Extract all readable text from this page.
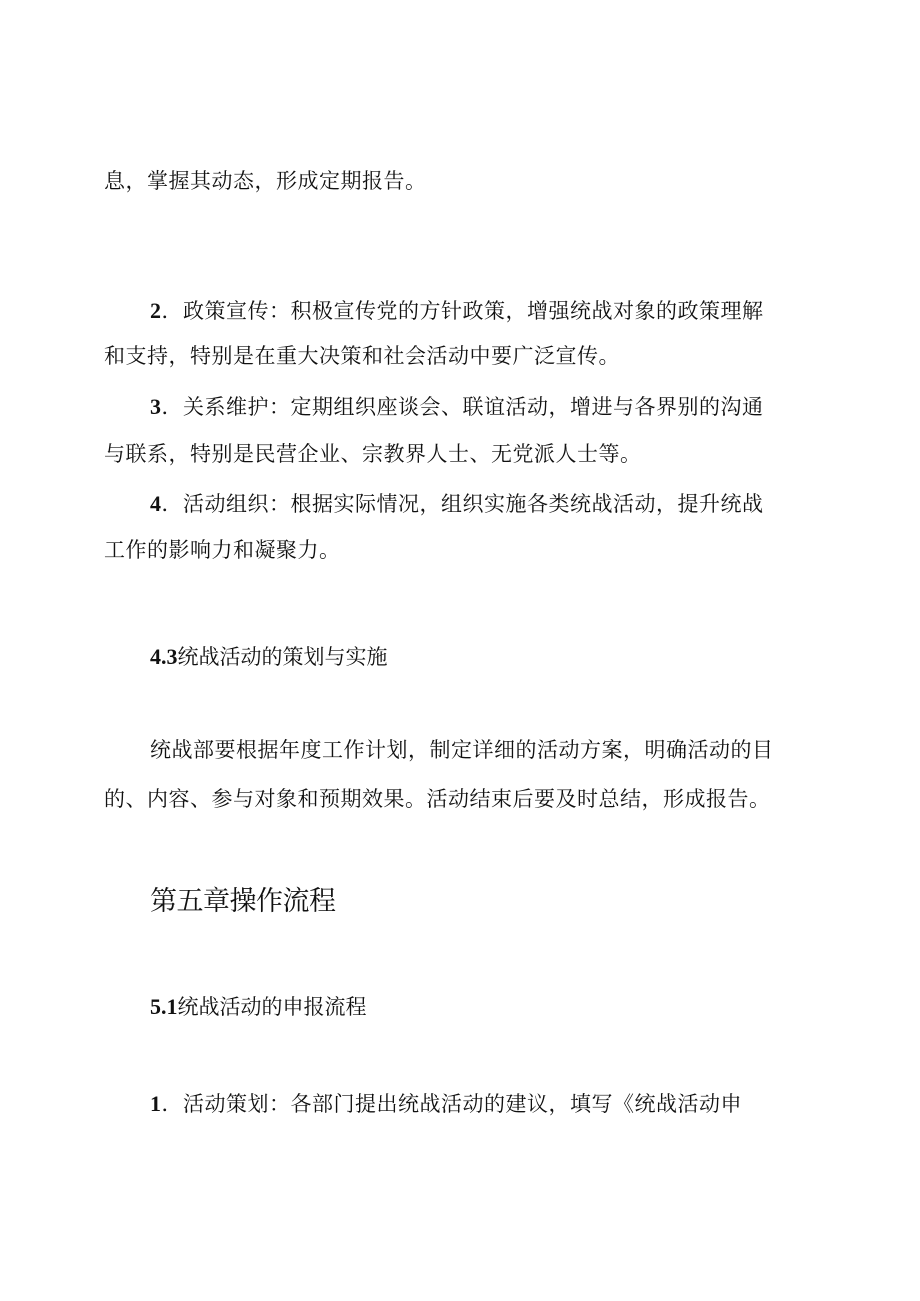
息，掌握其动态，形成定期报告。
2．政策宣传：积极宣传党的方针政策，增强统战对象的政策理解
和支持，特别是在重大决策和社会活动中要广泛宣传。
3．关系维护：定期组织座谈会、联谊活动，增进与各界别的沟通
与联系，特别是民营企业、宗教界人士、无党派人士等。
4．活动组织：根据实际情况，组织实施各类统战活动，提升统战
工作的影响力和凝聚力。
4.3统战活动的策划与实施
统战部要根据年度工作计划，制定详细的活动方案，明确活动的目
的、内容、参与对象和预期效果。活动结束后要及时总结，形成报告。
第五章操作流程
5.1统战活动的申报流程
1．活动策划：各部门提出统战活动的建议，填写《统战活动申
